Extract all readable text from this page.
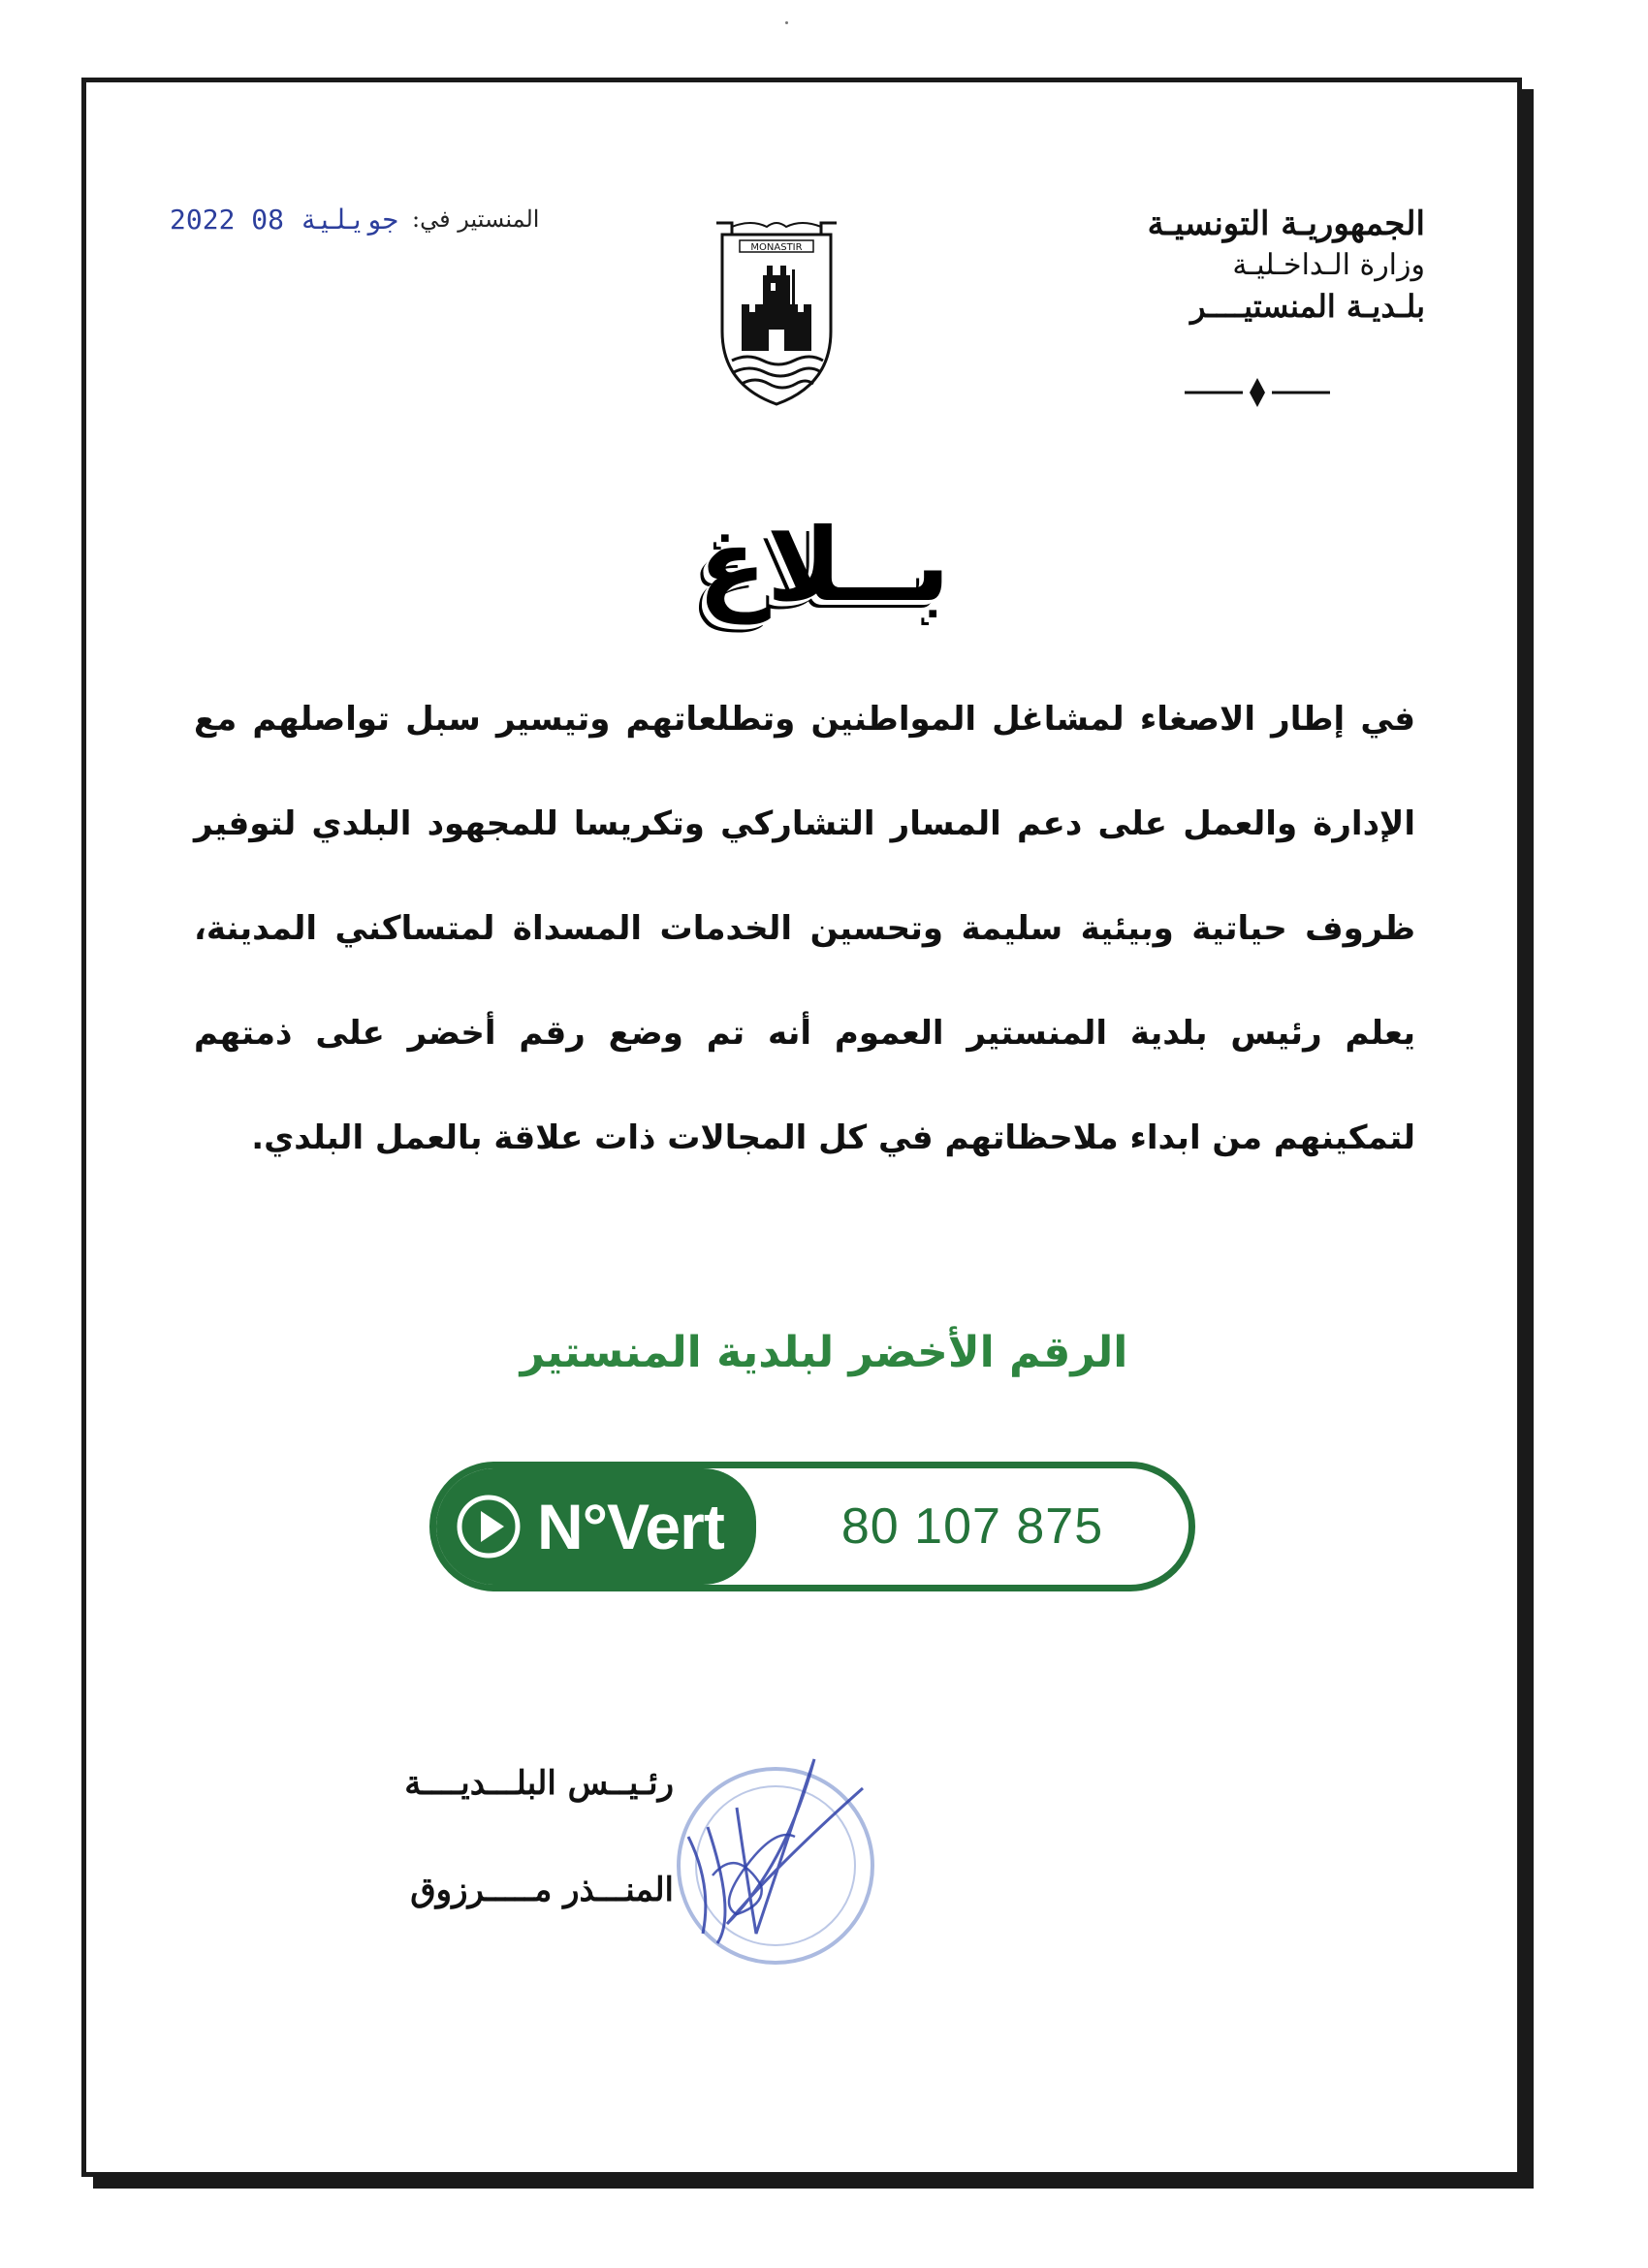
الجمهوريـة التونسيـة
وزارة الـداخـليـة
بلـديـة المنستيــــر
MONASTIR
المنستير في:
2022 جويلية 08
بــلاغ
في إطار الاصغاء لمشاغل المواطنين وتطلعاتهم وتيسير سبل تواصلهم مع الإدارة والعمل على دعم المسار التشاركي وتكريسا للمجهود البلدي لتوفير ظروف حياتية وبيئية سليمة وتحسين الخدمات المسداة لمتساكني المدينة، يعلم رئيس بلدية المنستير العموم أنه تم وضع رقم أخضر على ذمتهم لتمكينهم من ابداء ملاحظاتهم في كل المجالات ذات علاقة بالعمل البلدي.
الرقم الأخضر لبلدية المنستير
N°Vert	80 107 875
رئـيــس البلـــديــــة
المنـــذر مـــــرزوق
